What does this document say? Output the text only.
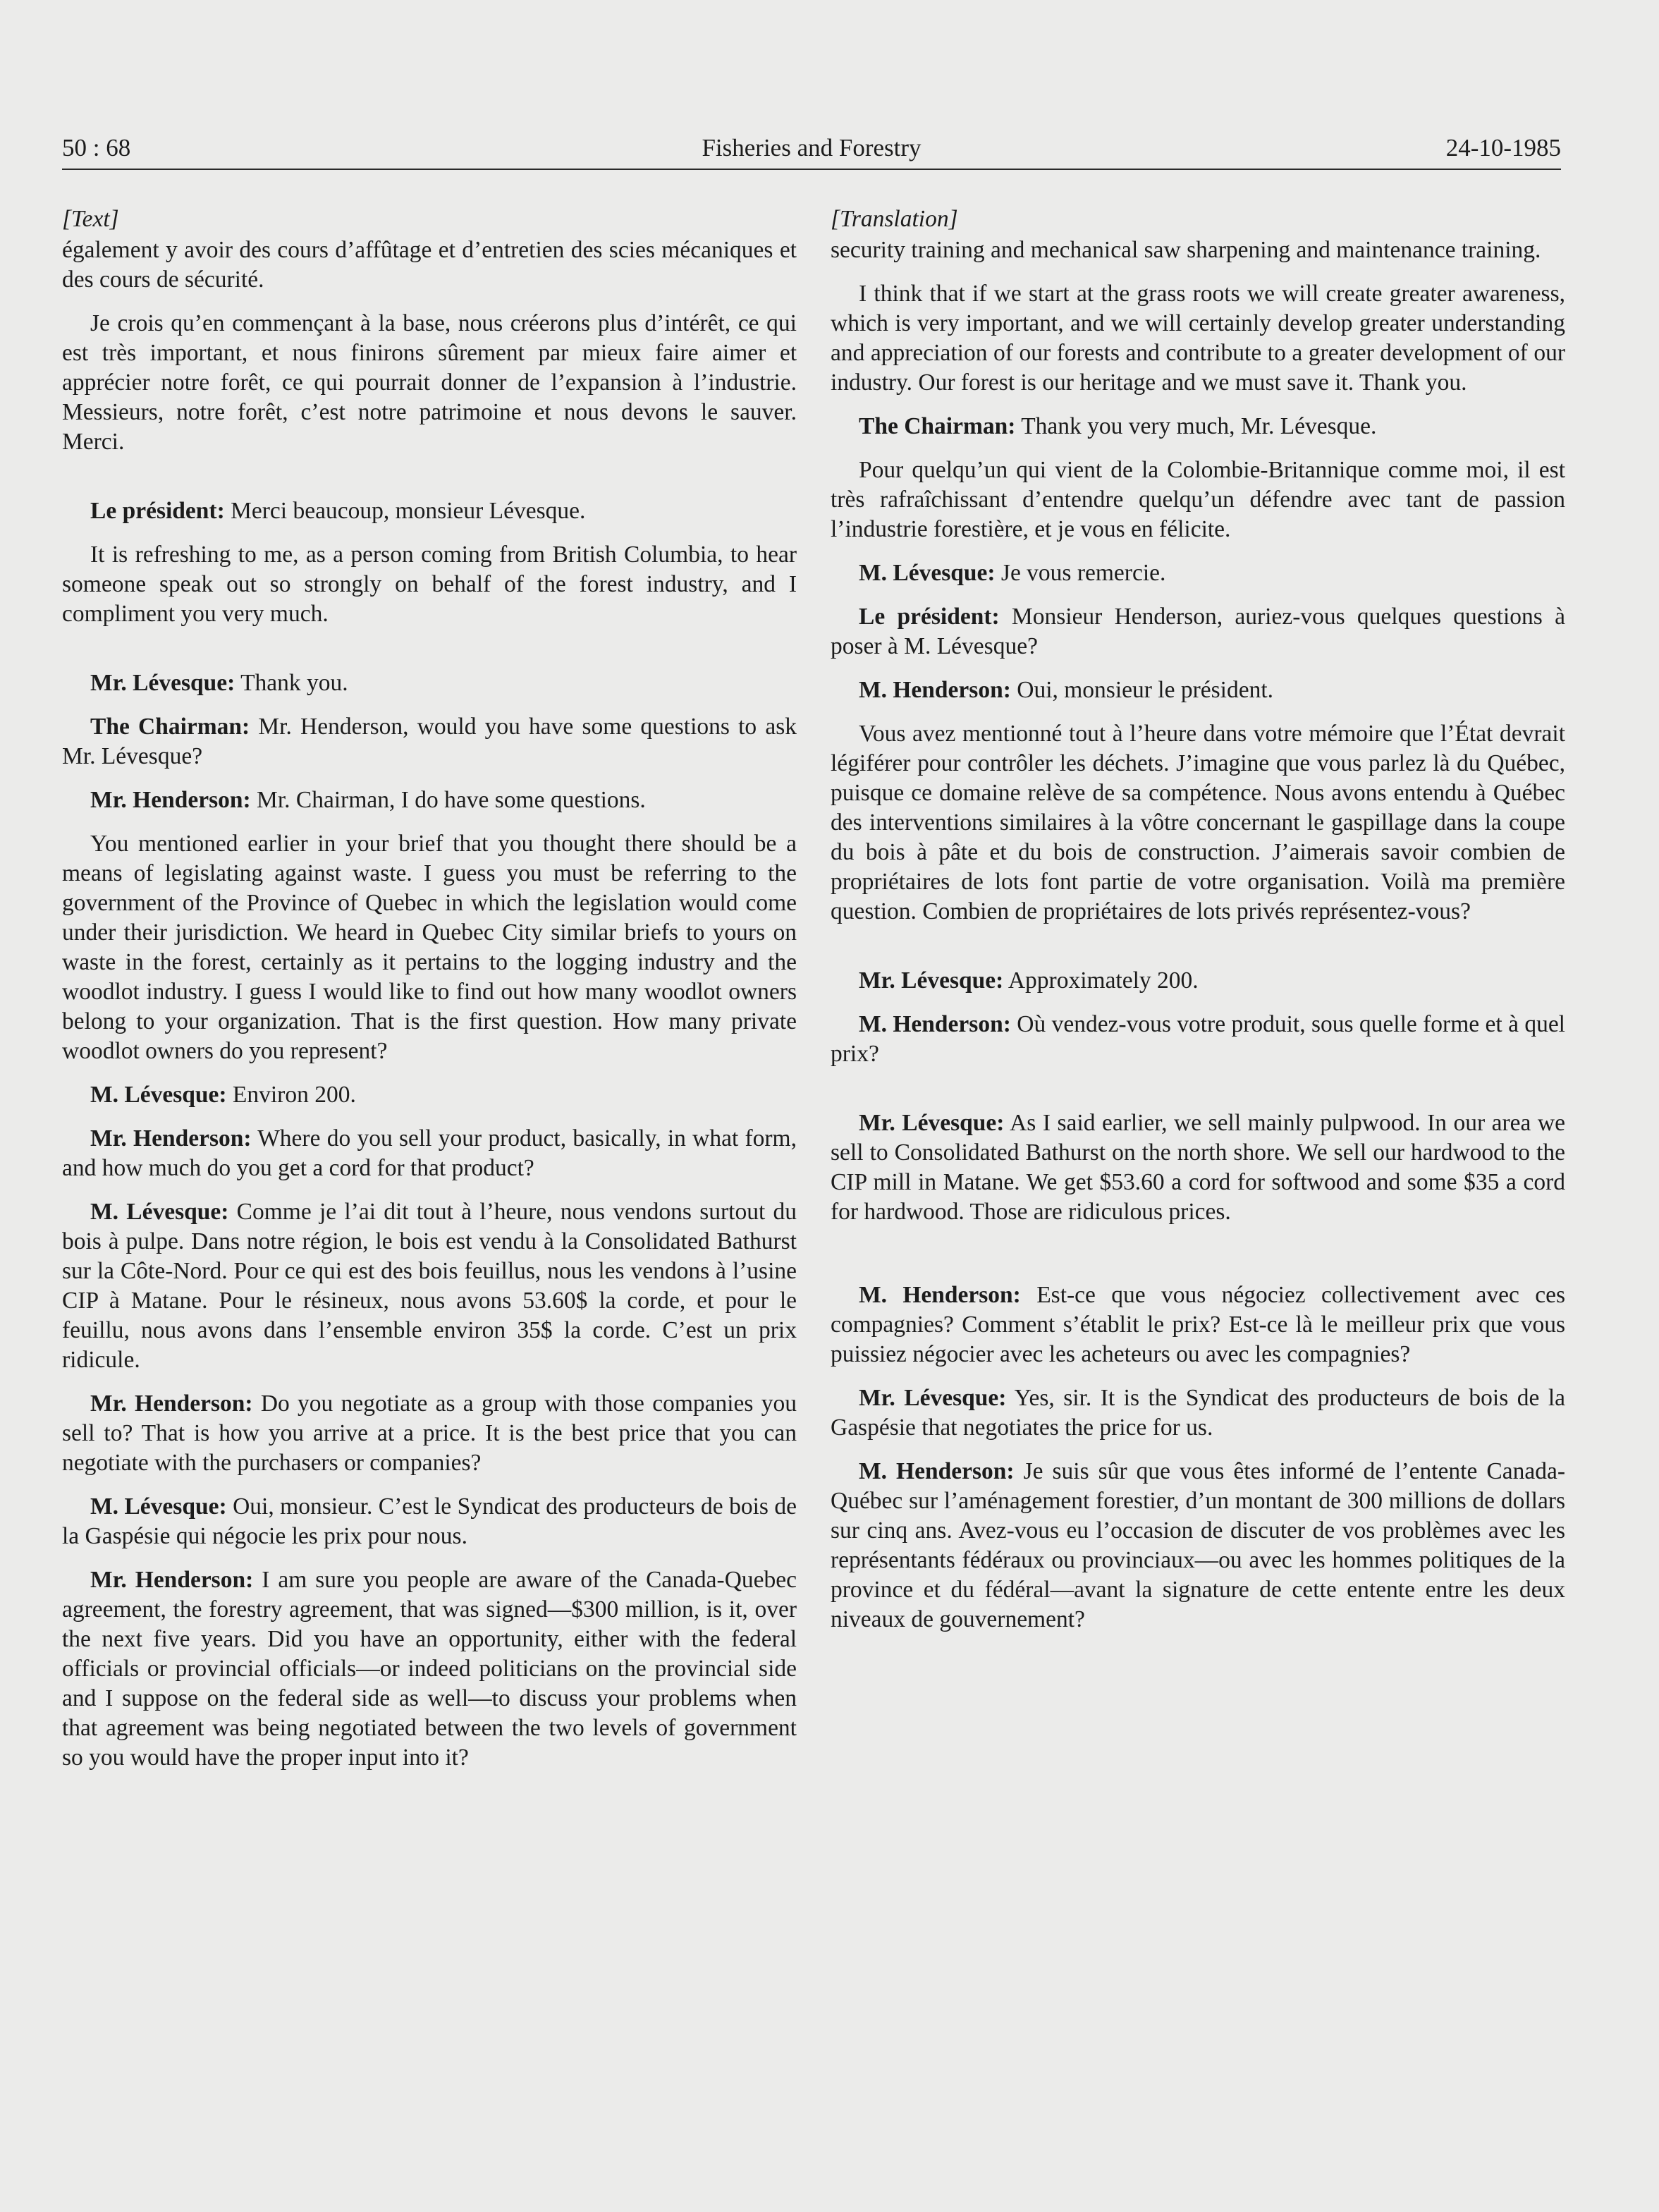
50 : 68	Fisheries and Forestry	24-10-1985

[Text]

également y avoir des cours d’affûtage et d’entretien des scies mécaniques et des cours de sécurité.

Je crois qu’en commençant à la base, nous créerons plus d’intérêt, ce qui est très important, et nous finirons sûrement par mieux faire aimer et apprécier notre forêt, ce qui pourrait donner de l’expansion à l’industrie. Messieurs, notre forêt, c’est notre patrimoine et nous devons le sauver. Merci.

Le président: Merci beaucoup, monsieur Lévesque.

It is refreshing to me, as a person coming from British Columbia, to hear someone speak out so strongly on behalf of the forest industry, and I compliment you very much.

Mr. Lévesque: Thank you.

The Chairman: Mr. Henderson, would you have some questions to ask Mr. Lévesque?

Mr. Henderson: Mr. Chairman, I do have some questions.

You mentioned earlier in your brief that you thought there should be a means of legislating against waste. I guess you must be referring to the government of the Province of Quebec in which the legislation would come under their jurisdiction. We heard in Quebec City similar briefs to yours on waste in the forest, certainly as it pertains to the logging industry and the woodlot industry. I guess I would like to find out how many woodlot owners belong to your organization. That is the first question. How many private woodlot owners do you represent?

M. Lévesque: Environ 200.

Mr. Henderson: Where do you sell your product, basically, in what form, and how much do you get a cord for that product?

M. Lévesque: Comme je l’ai dit tout à l’heure, nous vendons surtout du bois à pulpe. Dans notre région, le bois est vendu à la Consolidated Bathurst sur la Côte-Nord. Pour ce qui est des bois feuillus, nous les vendons à l’usine CIP à Matane. Pour le résineux, nous avons 53.60$ la corde, et pour le feuillu, nous avons dans l’ensemble environ 35$ la corde. C’est un prix ridicule.

Mr. Henderson: Do you negotiate as a group with those companies you sell to? That is how you arrive at a price. It is the best price that you can negotiate with the purchasers or companies?

M. Lévesque: Oui, monsieur. C’est le Syndicat des producteurs de bois de la Gaspésie qui négocie les prix pour nous.

Mr. Henderson: I am sure you people are aware of the Canada-Quebec agreement, the forestry agreement, that was signed—$300 million, is it, over the next five years. Did you have an opportunity, either with the federal officials or provincial officials—or indeed politicians on the provincial side and I suppose on the federal side as well—to discuss your problems when that agreement was being negotiated between the two levels of government so you would have the proper input into it?

[Translation]

security training and mechanical saw sharpening and maintenance training.

I think that if we start at the grass roots we will create greater awareness, which is very important, and we will certainly develop greater understanding and appreciation of our forests and contribute to a greater development of our industry. Our forest is our heritage and we must save it. Thank you.

The Chairman: Thank you very much, Mr. Lévesque.

Pour quelqu’un qui vient de la Colombie-Britannique comme moi, il est très rafraîchissant d’entendre quelqu’un défendre avec tant de passion l’industrie forestière, et je vous en félicite.

M. Lévesque: Je vous remercie.

Le président: Monsieur Henderson, auriez-vous quelques questions à poser à M. Lévesque?

M. Henderson: Oui, monsieur le président.

Vous avez mentionné tout à l’heure dans votre mémoire que l’État devrait légiférer pour contrôler les déchets. J’imagine que vous parlez là du Québec, puisque ce domaine relève de sa compétence. Nous avons entendu à Québec des interventions similaires à la vôtre concernant le gaspillage dans la coupe du bois à pâte et du bois de construction. J’aimerais savoir combien de propriétaires de lots font partie de votre organisation. Voilà ma première question. Combien de propriétaires de lots privés représentez-vous?

Mr. Lévesque: Approximately 200.

M. Henderson: Où vendez-vous votre produit, sous quelle forme et à quel prix?

Mr. Lévesque: As I said earlier, we sell mainly pulpwood. In our area we sell to Consolidated Bathurst on the north shore. We sell our hardwood to the CIP mill in Matane. We get $53.60 a cord for softwood and some $35 a cord for hardwood. Those are ridiculous prices.

M. Henderson: Est-ce que vous négociez collectivement avec ces compagnies? Comment s’établit le prix? Est-ce là le meilleur prix que vous puissiez négocier avec les acheteurs ou avec les compagnies?

Mr. Lévesque: Yes, sir. It is the Syndicat des producteurs de bois de la Gaspésie that negotiates the price for us.

M. Henderson: Je suis sûr que vous êtes informé de l’entente Canada-Québec sur l’aménagement forestier, d’un montant de 300 millions de dollars sur cinq ans. Avez-vous eu l’occasion de discuter de vos problèmes avec les représentants fédéraux ou provinciaux—ou avec les hommes politiques de la province et du fédéral—avant la signature de cette entente entre les deux niveaux de gouvernement?
